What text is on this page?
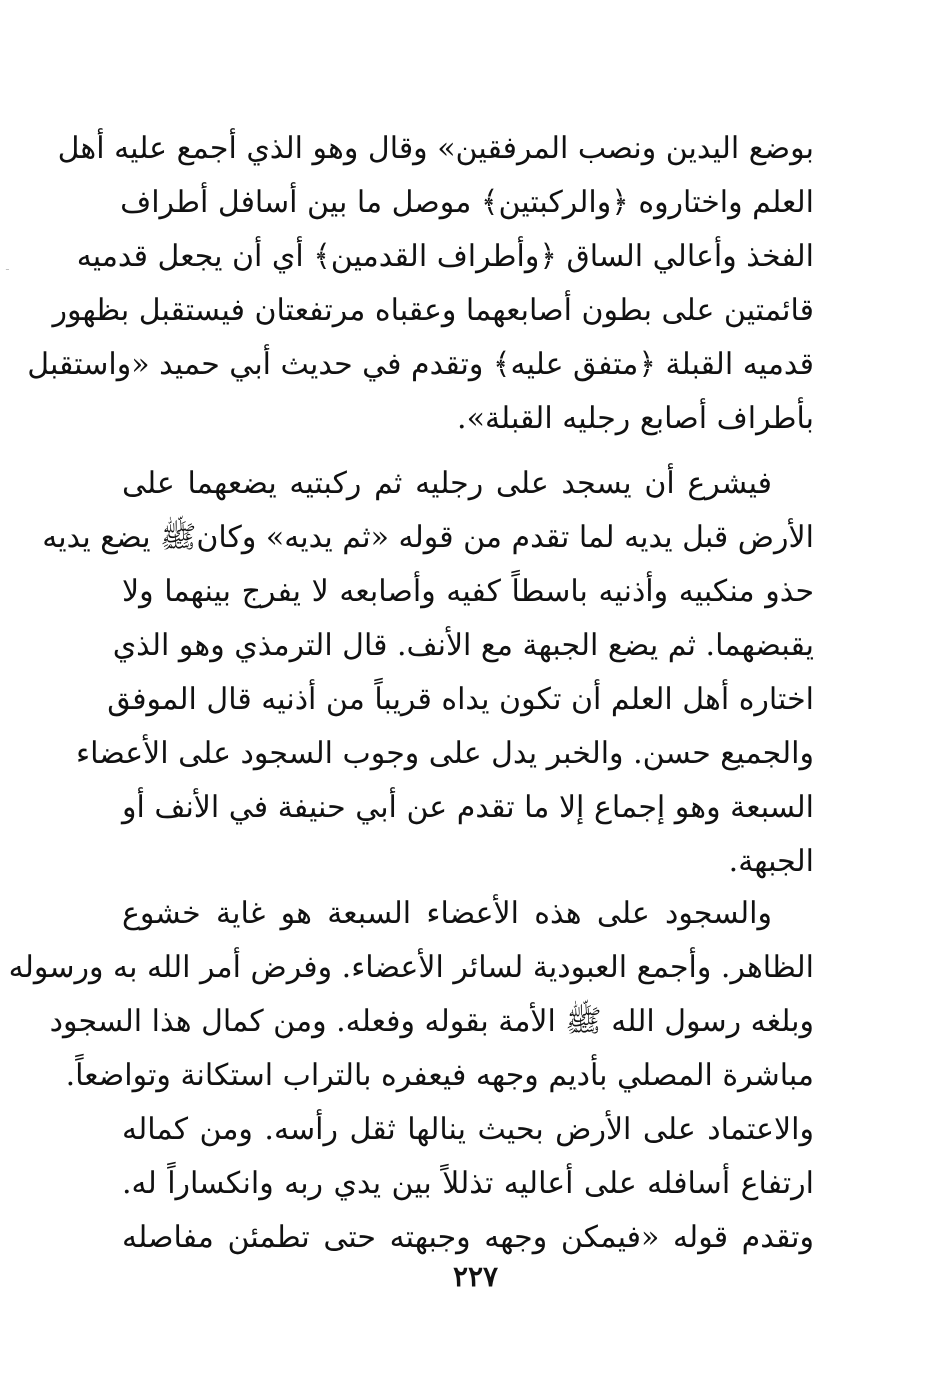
ـ
بوضع اليدين ونصب المرفقين» وقال وهو الذي أجمع عليه أهل
العلم واختاروه ﴿والركبتين﴾ موصل ما بين أسافل أطراف
الفخذ وأعالي الساق ﴿وأطراف القدمين﴾ أي أن يجعل قدميه
قائمتين على بطون أصابعهما وعقباه مرتفعتان فيستقبل بظهور
قدميه القبلة ﴿متفق عليه﴾ وتقدم في حديث أبي حميد «واستقبل
بأطراف أصابع رجليه القبلة».
فيشرع أن يسجد على رجليه ثم ركبتيه يضعهما على
الأرض قبل يديه لما تقدم من قوله «ثم يديه» وكانﷺ يضع يديه
حذو منكبيه وأذنيه باسطاً كفيه وأصابعه لا يفرج بينهما ولا
يقبضهما. ثم يضع الجبهة مع الأنف. قال الترمذي وهو الذي
اختاره أهل العلم أن تكون يداه قريباً من أذنيه قال الموفق
والجميع حسن. والخبر يدل على وجوب السجود على الأعضاء
السبعة وهو إجماع إلا ما تقدم عن أبي حنيفة في الأنف أو
الجبهة.
والسجود على هذه الأعضاء السبعة هو غاية خشوع
الظاهر. وأجمع العبودية لسائر الأعضاء. وفرض أمر الله به ورسوله
وبلغه رسول الله ﷺ الأمة بقوله وفعله. ومن كمال هذا السجود
مباشرة المصلي بأديم وجهه فيعفره بالتراب استكانة وتواضعاً.
والاعتماد على الأرض بحيث ينالها ثقل رأسه. ومن كماله
ارتفاع أسافله على أعاليه تذللاً بين يدي ربه وانكساراً له.
وتقدم قوله «فيمكن وجهه وجبهته حتى تطمئن مفاصله
٢٢٧
